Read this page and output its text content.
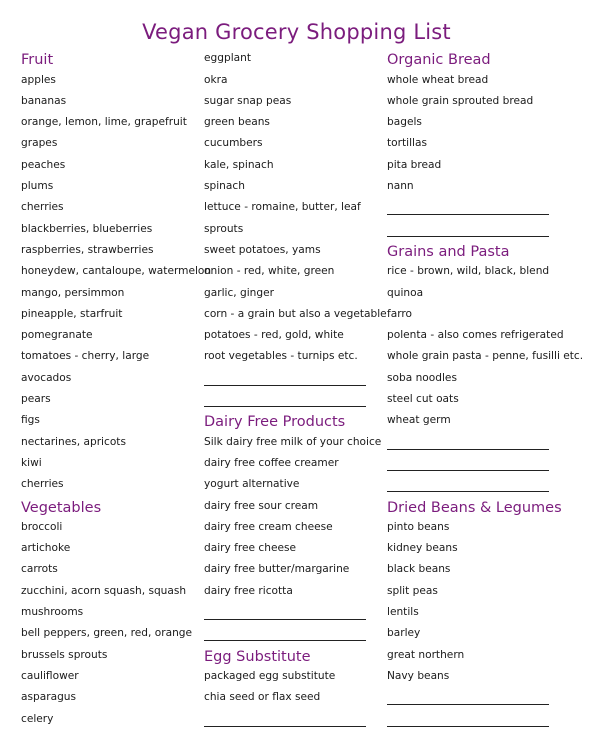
Vegan Grocery Shopping List
Fruit
apples
bananas
orange, lemon, lime, grapefruit
grapes
peaches
plums
cherries
blackberries, blueberries
raspberries, strawberries
honeydew, cantaloupe, watermelon
mango, persimmon
pineapple, starfruit
pomegranate
tomatoes - cherry, large
avocados
pears
figs
nectarines, apricots
kiwi
cherries
Vegetables
broccoli
artichoke
carrots
zucchini, acorn squash, squash
mushrooms
bell peppers, green, red, orange
brussels sprouts
cauliflower
asparagus
celery
eggplant
okra
sugar snap peas
green beans
cucumbers
kale, spinach
spinach
lettuce - romaine, butter, leaf
sprouts
sweet potatoes, yams
onion - red, white, green
garlic, ginger
corn - a grain but also a vegetable
potatoes - red, gold, white
root vegetables - turnips etc.
Dairy Free Products
Silk dairy free milk of your choice
dairy free coffee creamer
yogurt alternative
dairy free sour cream
dairy free cream cheese
dairy free cheese
dairy free butter/margarine
dairy free ricotta
Egg Substitute
packaged egg substitute
chia seed or flax seed
Organic Bread
whole wheat bread
whole grain sprouted bread
bagels
tortillas
pita bread
nann
Grains and Pasta
rice - brown, wild, black, blend
quinoa
farro
polenta - also comes refrigerated
whole grain pasta - penne, fusilli etc.
soba noodles
steel cut oats
wheat germ
Dried Beans & Legumes
pinto beans
kidney beans
black beans
split peas
lentils
barley
great northern
Navy beans
